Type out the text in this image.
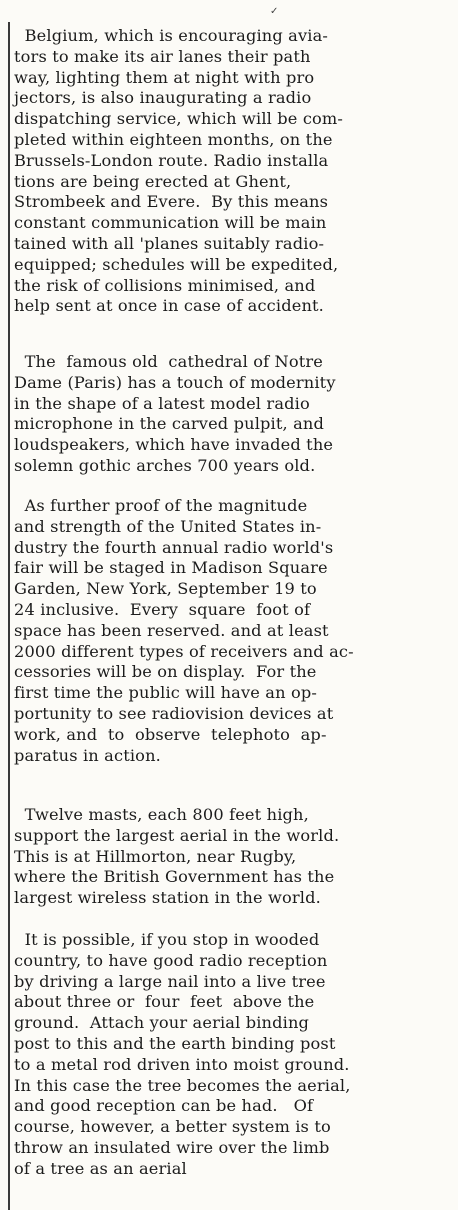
✓

Belgium, which is encouraging avia-
tors to make its air lanes their path
way, lighting them at night with pro
jectors, is also inaugurating a radio
dispatching service, which will be com-
pleted within eighteen months, on the
Brussels-London route. Radio installa
tions are being erected at Ghent,
Strombeek and Evere.  By this means
constant communication will be main
tained with all 'planes suitably radio-
equipped; schedules will be expedited,
the risk of collisions minimised, and
help sent at once in case of accident.

The  famous old  cathedral of Notre
Dame (Paris) has a touch of modernity
in the shape of a latest model radio
microphone in the carved pulpit, and
loudspeakers, which have invaded the
solemn gothic arches 700 years old.

As further proof of the magnitude
and strength of the United States in-
dustry the fourth annual radio world's
fair will be staged in Madison Square
Garden, New York, September 19 to
24 inclusive.  Every  square  foot of
space has been reserved. and at least
2000 different types of receivers and ac-
cessories will be on display.  For the
first time the public will have an op-
portunity to see radiovision devices at
work, and  to  observe  telephoto  ap-
paratus in action.

Twelve masts, each 800 feet high,
support the largest aerial in the world.
This is at Hillmorton, near Rugby,
where the British Government has the
largest wireless station in the world.

It is possible, if you stop in wooded
country, to have good radio reception
by driving a large nail into a live tree
about three or  four  feet  above the
ground.  Attach your aerial binding
post to this and the earth binding post
to a metal rod driven into moist ground.
In this case the tree becomes the aerial,
and good reception can be had.   Of
course, however, a better system is to
throw an insulated wire over the limb
of a tree as an aerial
